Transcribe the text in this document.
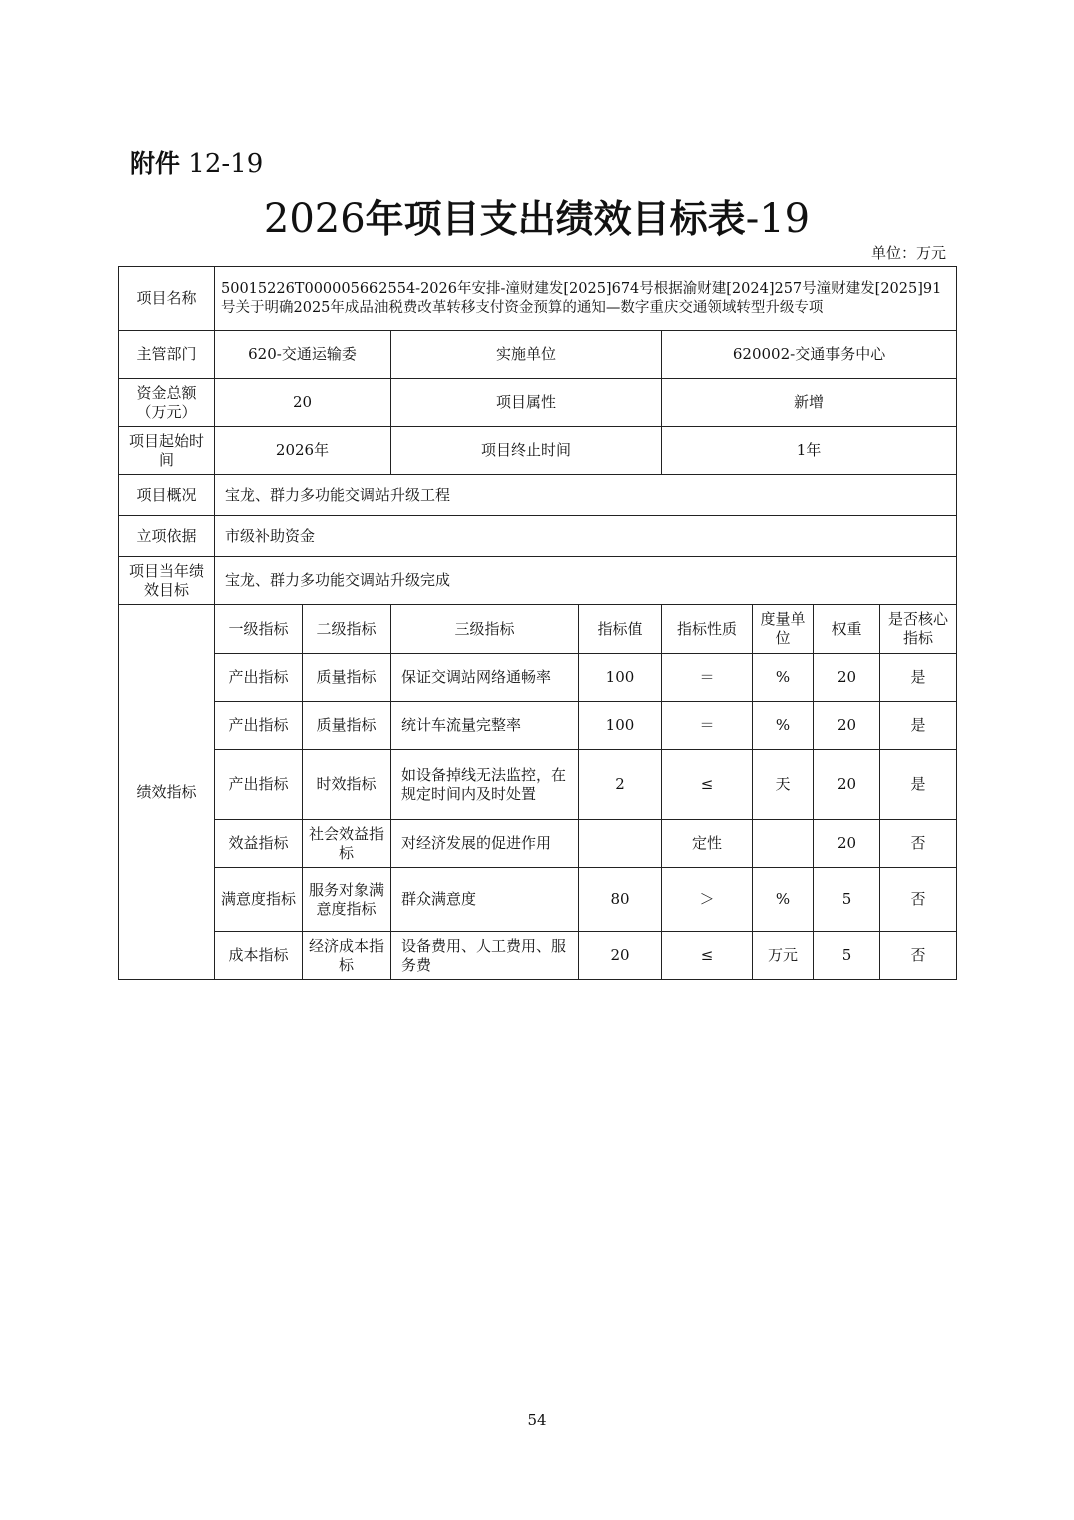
附件 12-19
2026年项目支出绩效目标表-19
单位：万元
项目名称	50015226T000005662554-2026年安排-潼财建发[2025]674号根据渝财建[2024]257号潼财建发[2025]91号关于明确2025年成品油税费改革转移支付资金预算的通知—数字重庆交通领域转型升级专项							
主管部门	620-交通运输委		实施单位		620002-交通事务中心			
资金总额（万元）	20		项目属性		新增			
项目起始时间	2026年		项目终止时间		1年			
项目概况	宝龙、群力多功能交调站升级工程							
立项依据	市级补助资金							
项目当年绩效目标	宝龙、群力多功能交调站升级完成							
绩效指标	一级指标	二级指标	三级指标	指标值	指标性质	度量单位	权重	是否核心指标
	产出指标	质量指标	保证交调站网络通畅率	100	＝	%	20	是
	产出指标	质量指标	统计车流量完整率	100	＝	%	20	是
	产出指标	时效指标	如设备掉线无法监控，在规定时间内及时处置	2	≤	天	20	是
	效益指标	社会效益指标	对经济发展的促进作用		定性		20	否
	满意度指标	服务对象满意度指标	群众满意度	80	＞	%	5	否
	成本指标	经济成本指标	设备费用、人工费用、服务费	20	≤	万元	5	否
54
